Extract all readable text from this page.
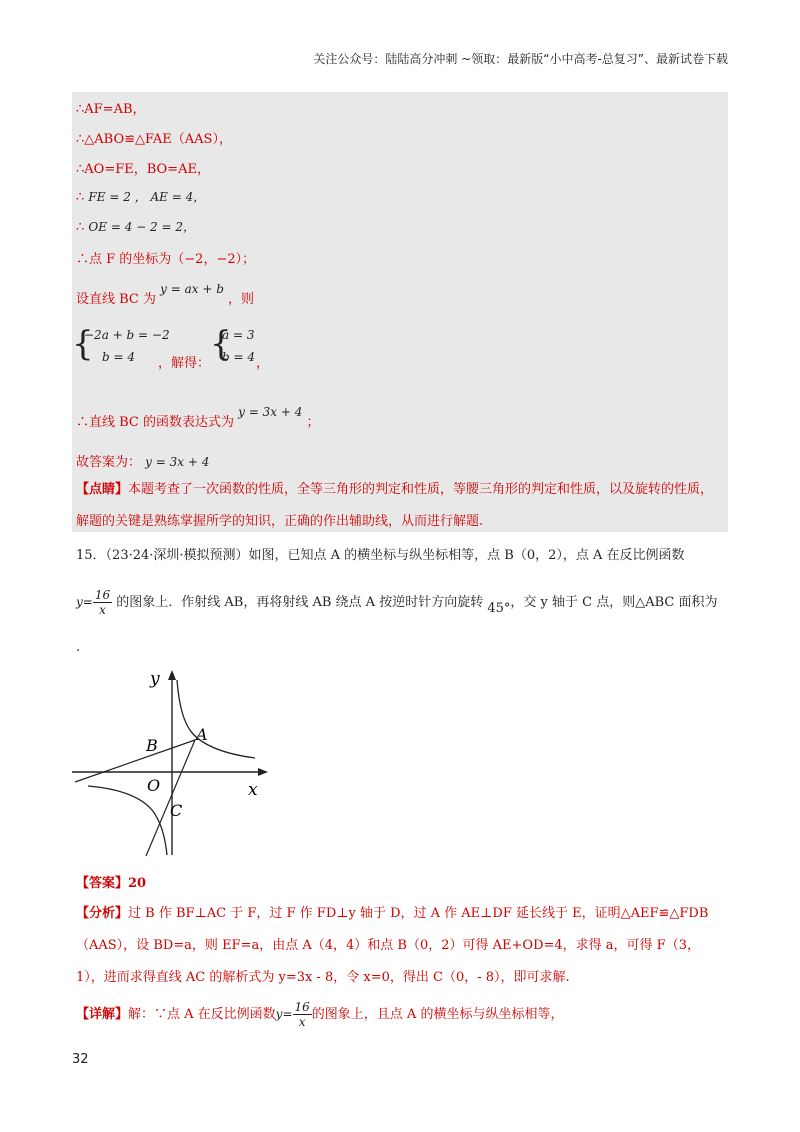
关注公众号：陆陆高分冲刺 ~领取：最新版“小中高考-总复习”、最新试卷下载
∴AF=AB，
∴△ABO≌△FAE（AAS），
∴AO=FE，BO=AE，
∴ FE = 2 ， AE = 4，
∴ OE = 4 − 2 = 2，
∴点 F 的坐标为（−2，−2）；
设直线 BC 为 y = ax + b ，则
{
−2a + b = −2
b = 4 ，解得： {
a = 3
b = 4 ，
∴直线 BC 的函数表达式为 y = 3x + 4 ；
故答案为： y = 3x + 4
【点睛】本题考查了一次函数的性质，全等三角形的判定和性质，等腰三角形的判定和性质，以及旋转的性质，解题的关键是熟练掌握所学的知识，正确的作出辅助线，从而进行解题.
15．（23·24·深圳·模拟预测）如图，已知点 A 的横坐标与纵坐标相等，点 B（0，2），点 A 在反比例函数
$y= \frac{16}{x}$ 的图象上．作射线 AB，再将射线 AB 绕点 A 按逆时针方向旋转 45°，交 y 轴于 C 点，则△ABC 面积为
.
y
x
O
A
B
C
【答案】20
【分析】过 B 作 BF⊥AC 于 F，过 F 作 FD⊥y 轴于 D，过 A 作 AE⊥DF 延长线于 E，证明△AEF≌△FDB
（AAS），设 BD=a，则 EF=a，由点 A（4，4）和点 B（0，2）可得 AE+OD=4，求得 a，可得 F（3，
1），进而求得直线 AC 的解析式为 y=3x - 8，令 x=0，得出 C（0，- 8），即可求解.
【详解】解：∵点 A 在反比例函数$y= \frac{16}{x}$ 的图象上，且点 A 的横坐标与纵坐标相等，
32
